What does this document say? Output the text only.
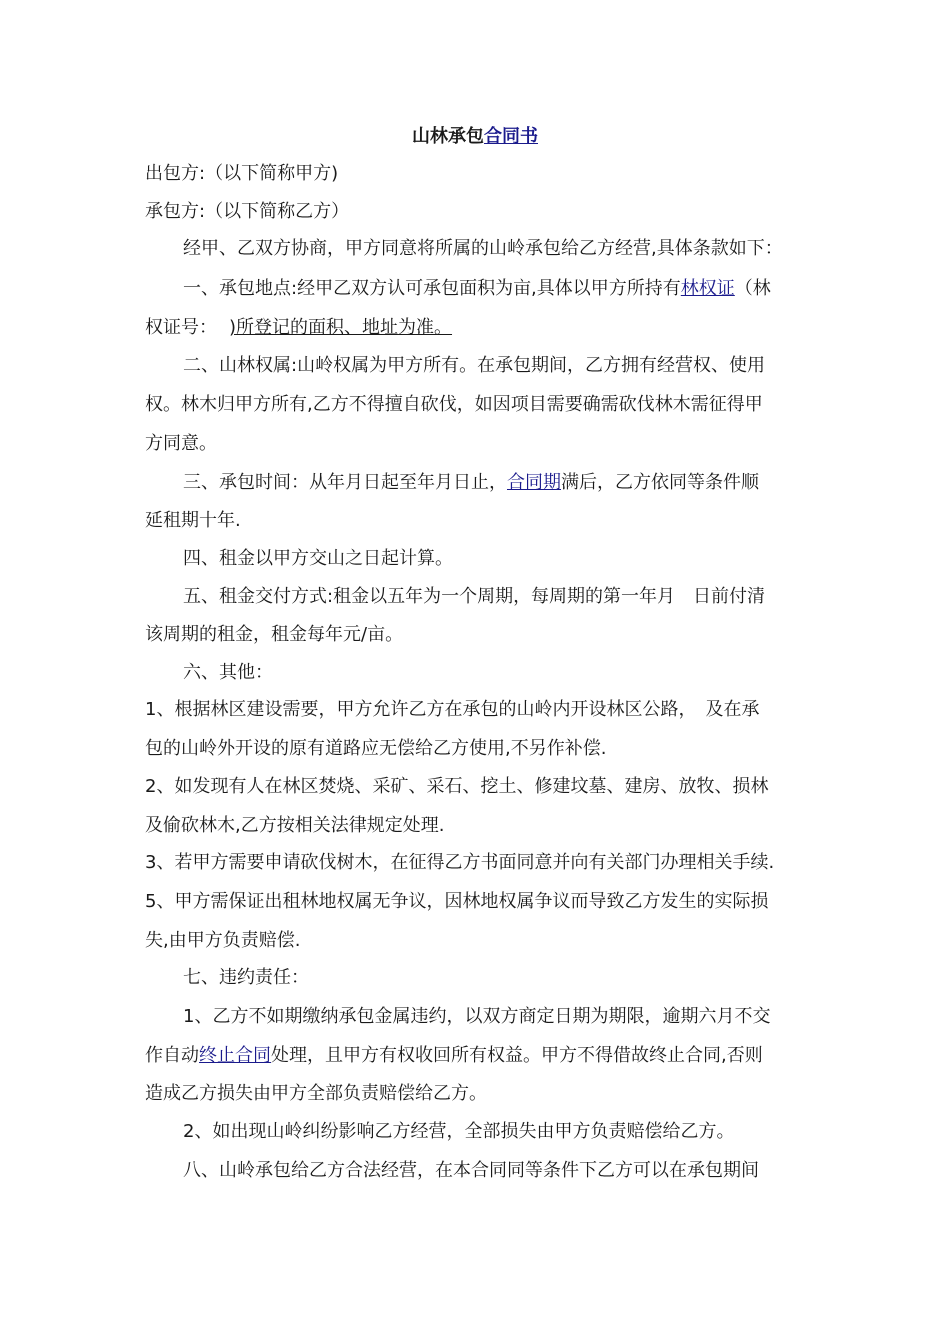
山林承包合同书
出包方:（以下简称甲方)
承包方:（以下简称乙方）
经甲、乙双方协商，甲方同意将所属的山岭承包给乙方经营,具体条款如下：
一、承包地点:经甲乙双方认可承包面积为亩,具体以甲方所持有林权证（林
权证号： )所登记的面积、地址为准。
二、山林权属:山岭权属为甲方所有。在承包期间，乙方拥有经营权、使用
权。林木归甲方所有,乙方不得擅自砍伐，如因项目需要确需砍伐林木需征得甲
方同意。
三、承包时间：从年月日起至年月日止，合同期满后，乙方依同等条件顺
延租期十年.
四、租金以甲方交山之日起计算。
五、租金交付方式:租金以五年为一个周期，每周期的第一年月　日前付清
该周期的租金，租金每年元/亩。
六、其他：
1、根据林区建设需要，甲方允许乙方在承包的山岭内开设林区公路，　及在承
包的山岭外开设的原有道路应无偿给乙方使用,不另作补偿.
2、如发现有人在林区焚烧、采矿、采石、挖土、修建坟墓、建房、放牧、损林
及偷砍林木,乙方按相关法律规定处理.
3、若甲方需要申请砍伐树木，在征得乙方书面同意并向有关部门办理相关手续.
5、甲方需保证出租林地权属无争议，因林地权属争议而导致乙方发生的实际损
失,由甲方负责赔偿.
七、违约责任：
1、乙方不如期缴纳承包金属违约，以双方商定日期为期限，逾期六月不交
作自动终止合同处理，且甲方有权收回所有权益。甲方不得借故终止合同,否则
造成乙方损失由甲方全部负责赔偿给乙方。
2、如出现山岭纠纷影响乙方经营，全部损失由甲方负责赔偿给乙方。
八、山岭承包给乙方合法经营，在本合同同等条件下乙方可以在承包期间
